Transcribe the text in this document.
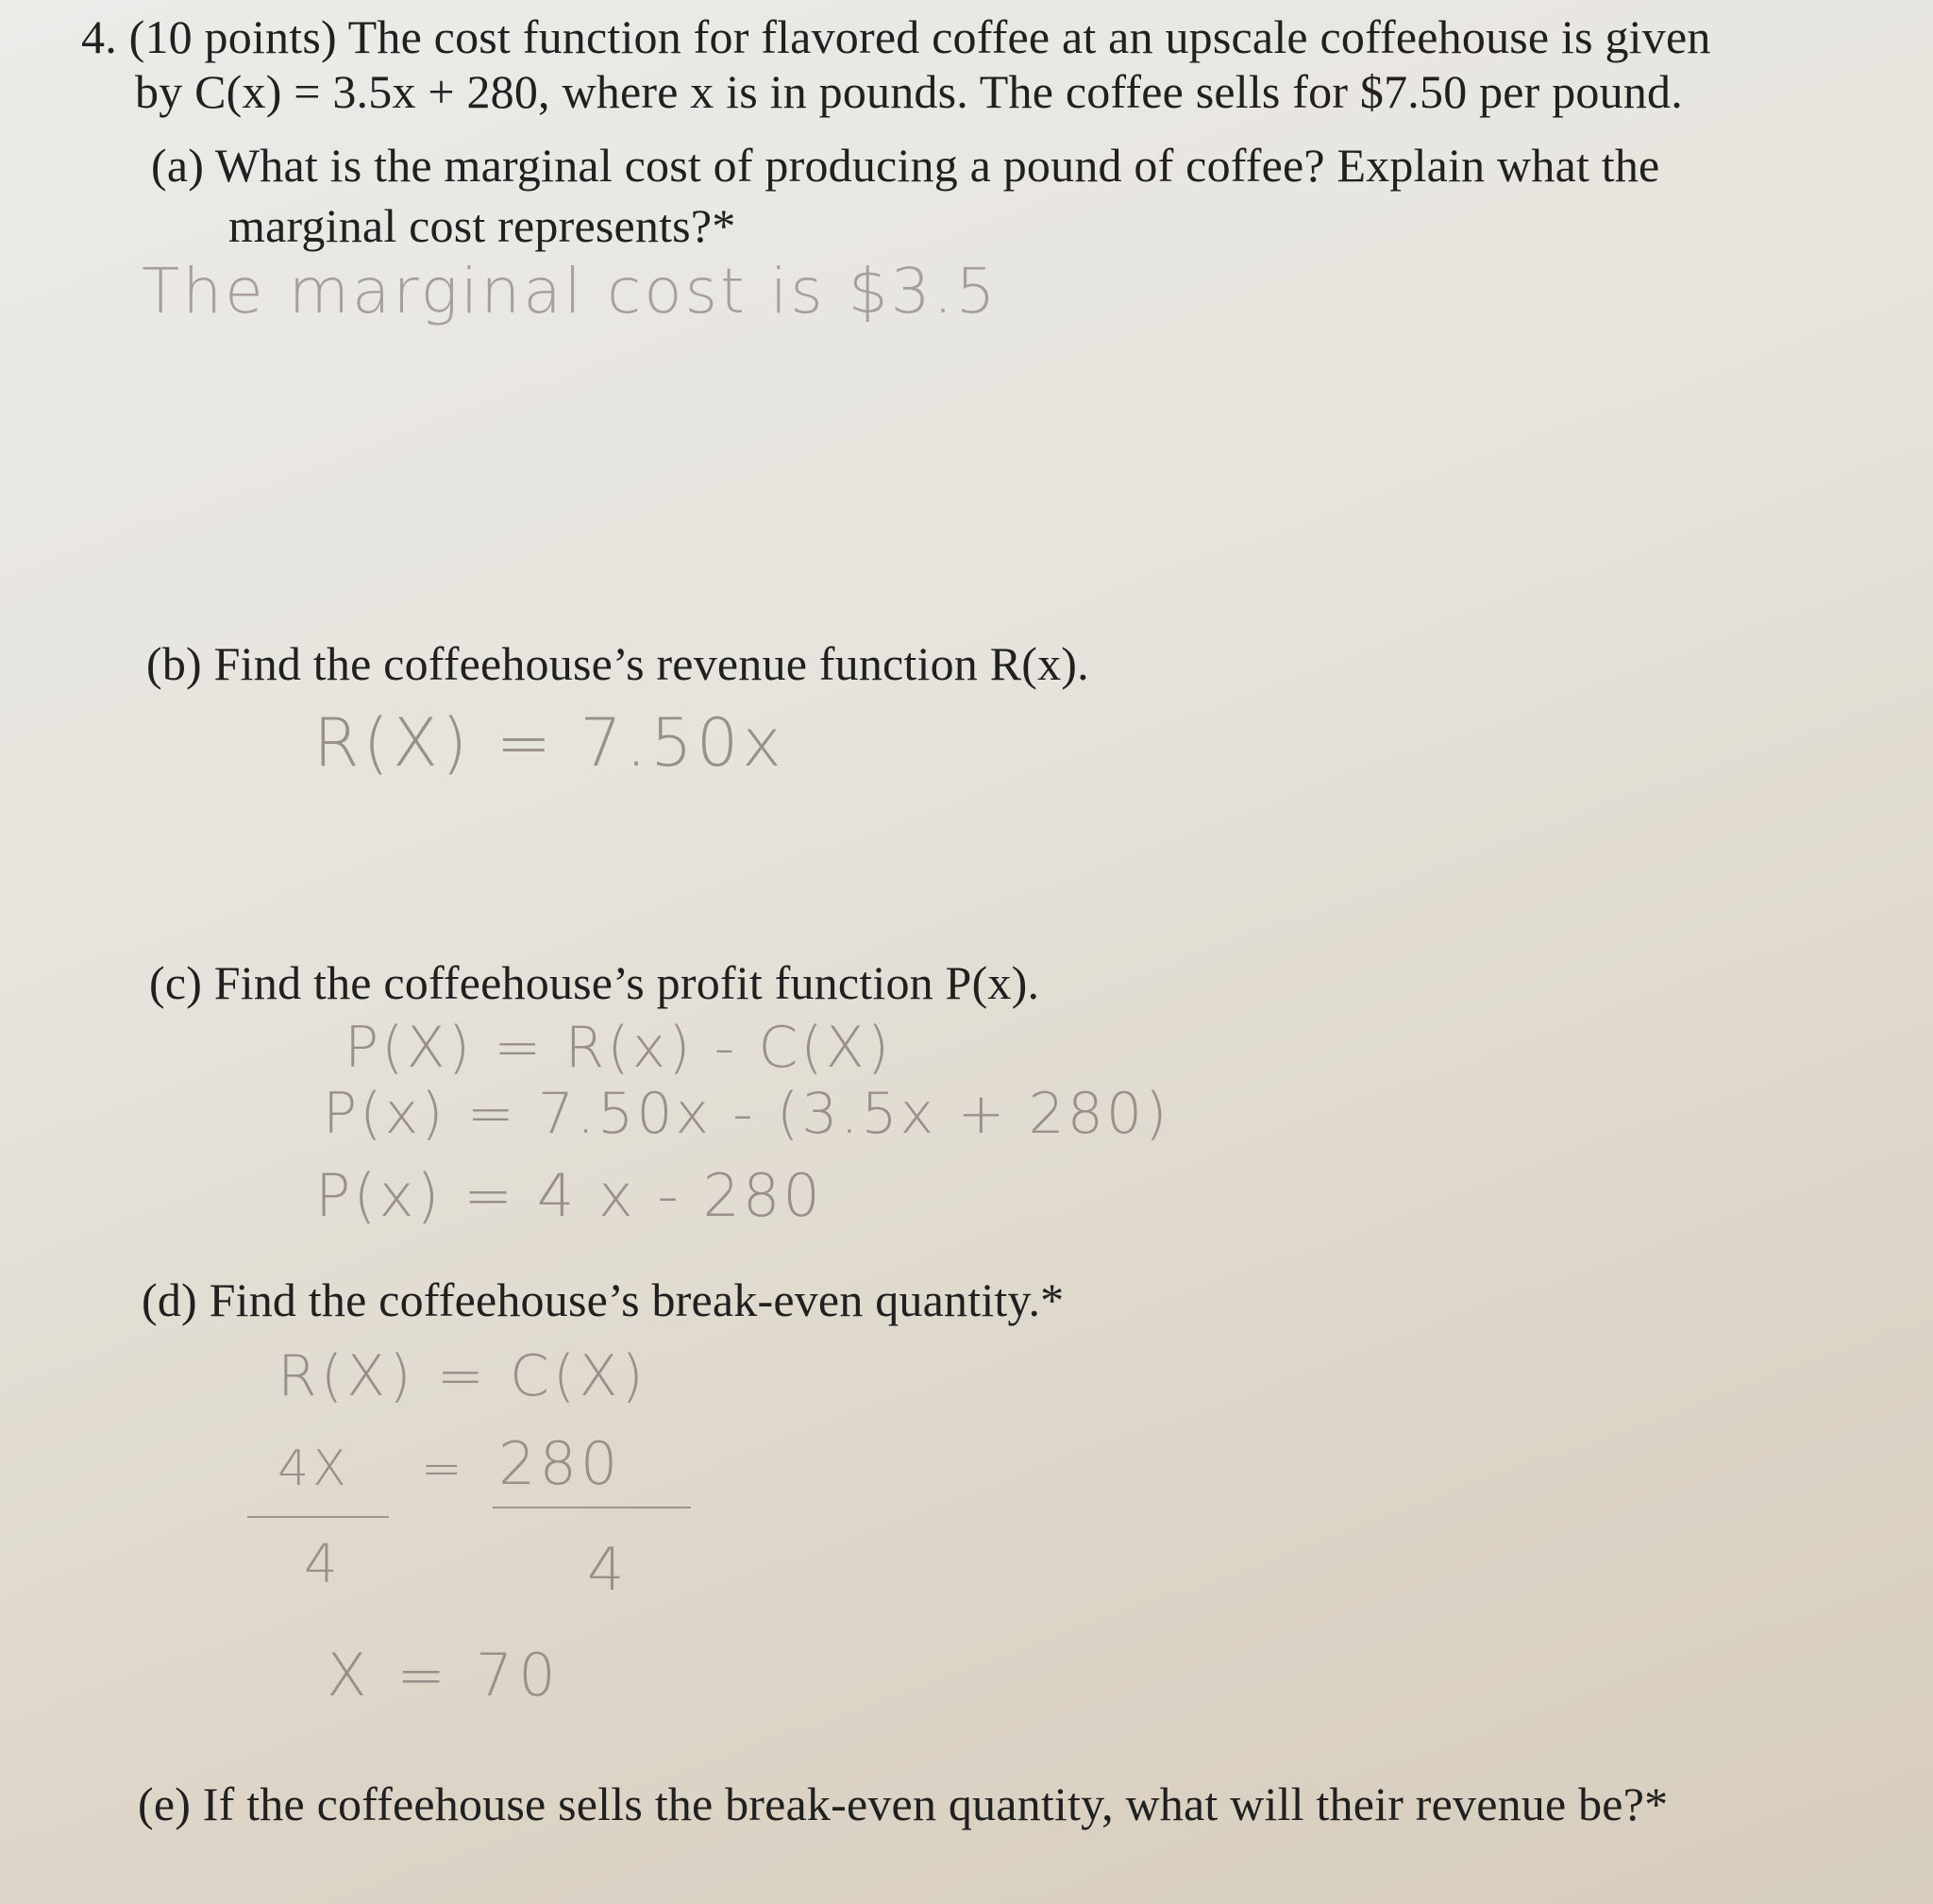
4. (10 points) The cost function for flavored coffee at an upscale coffeehouse is given

by C(x) = 3.5x + 280, where x is in pounds. The coffee sells for $7.50 per pound.

(a) What is the marginal cost of producing a pound of coffee? Explain what the

marginal cost represents?*

The marginal cost is $3.5

(b) Find the coffeehouse’s revenue function R(x).

R(X) = 7.50x

(c) Find the coffeehouse’s profit function P(x).

P(X) = R(x) - C(X)

P(x) = 7.50x - (3.5x + 280)

P(x) = 4 x - 280

(d) Find the coffeehouse’s break-even quantity.*

R(X) = C(X)

4X = 280

4	4

X = 70

(e) If the coffeehouse sells the break-even quantity, what will their revenue be?*
